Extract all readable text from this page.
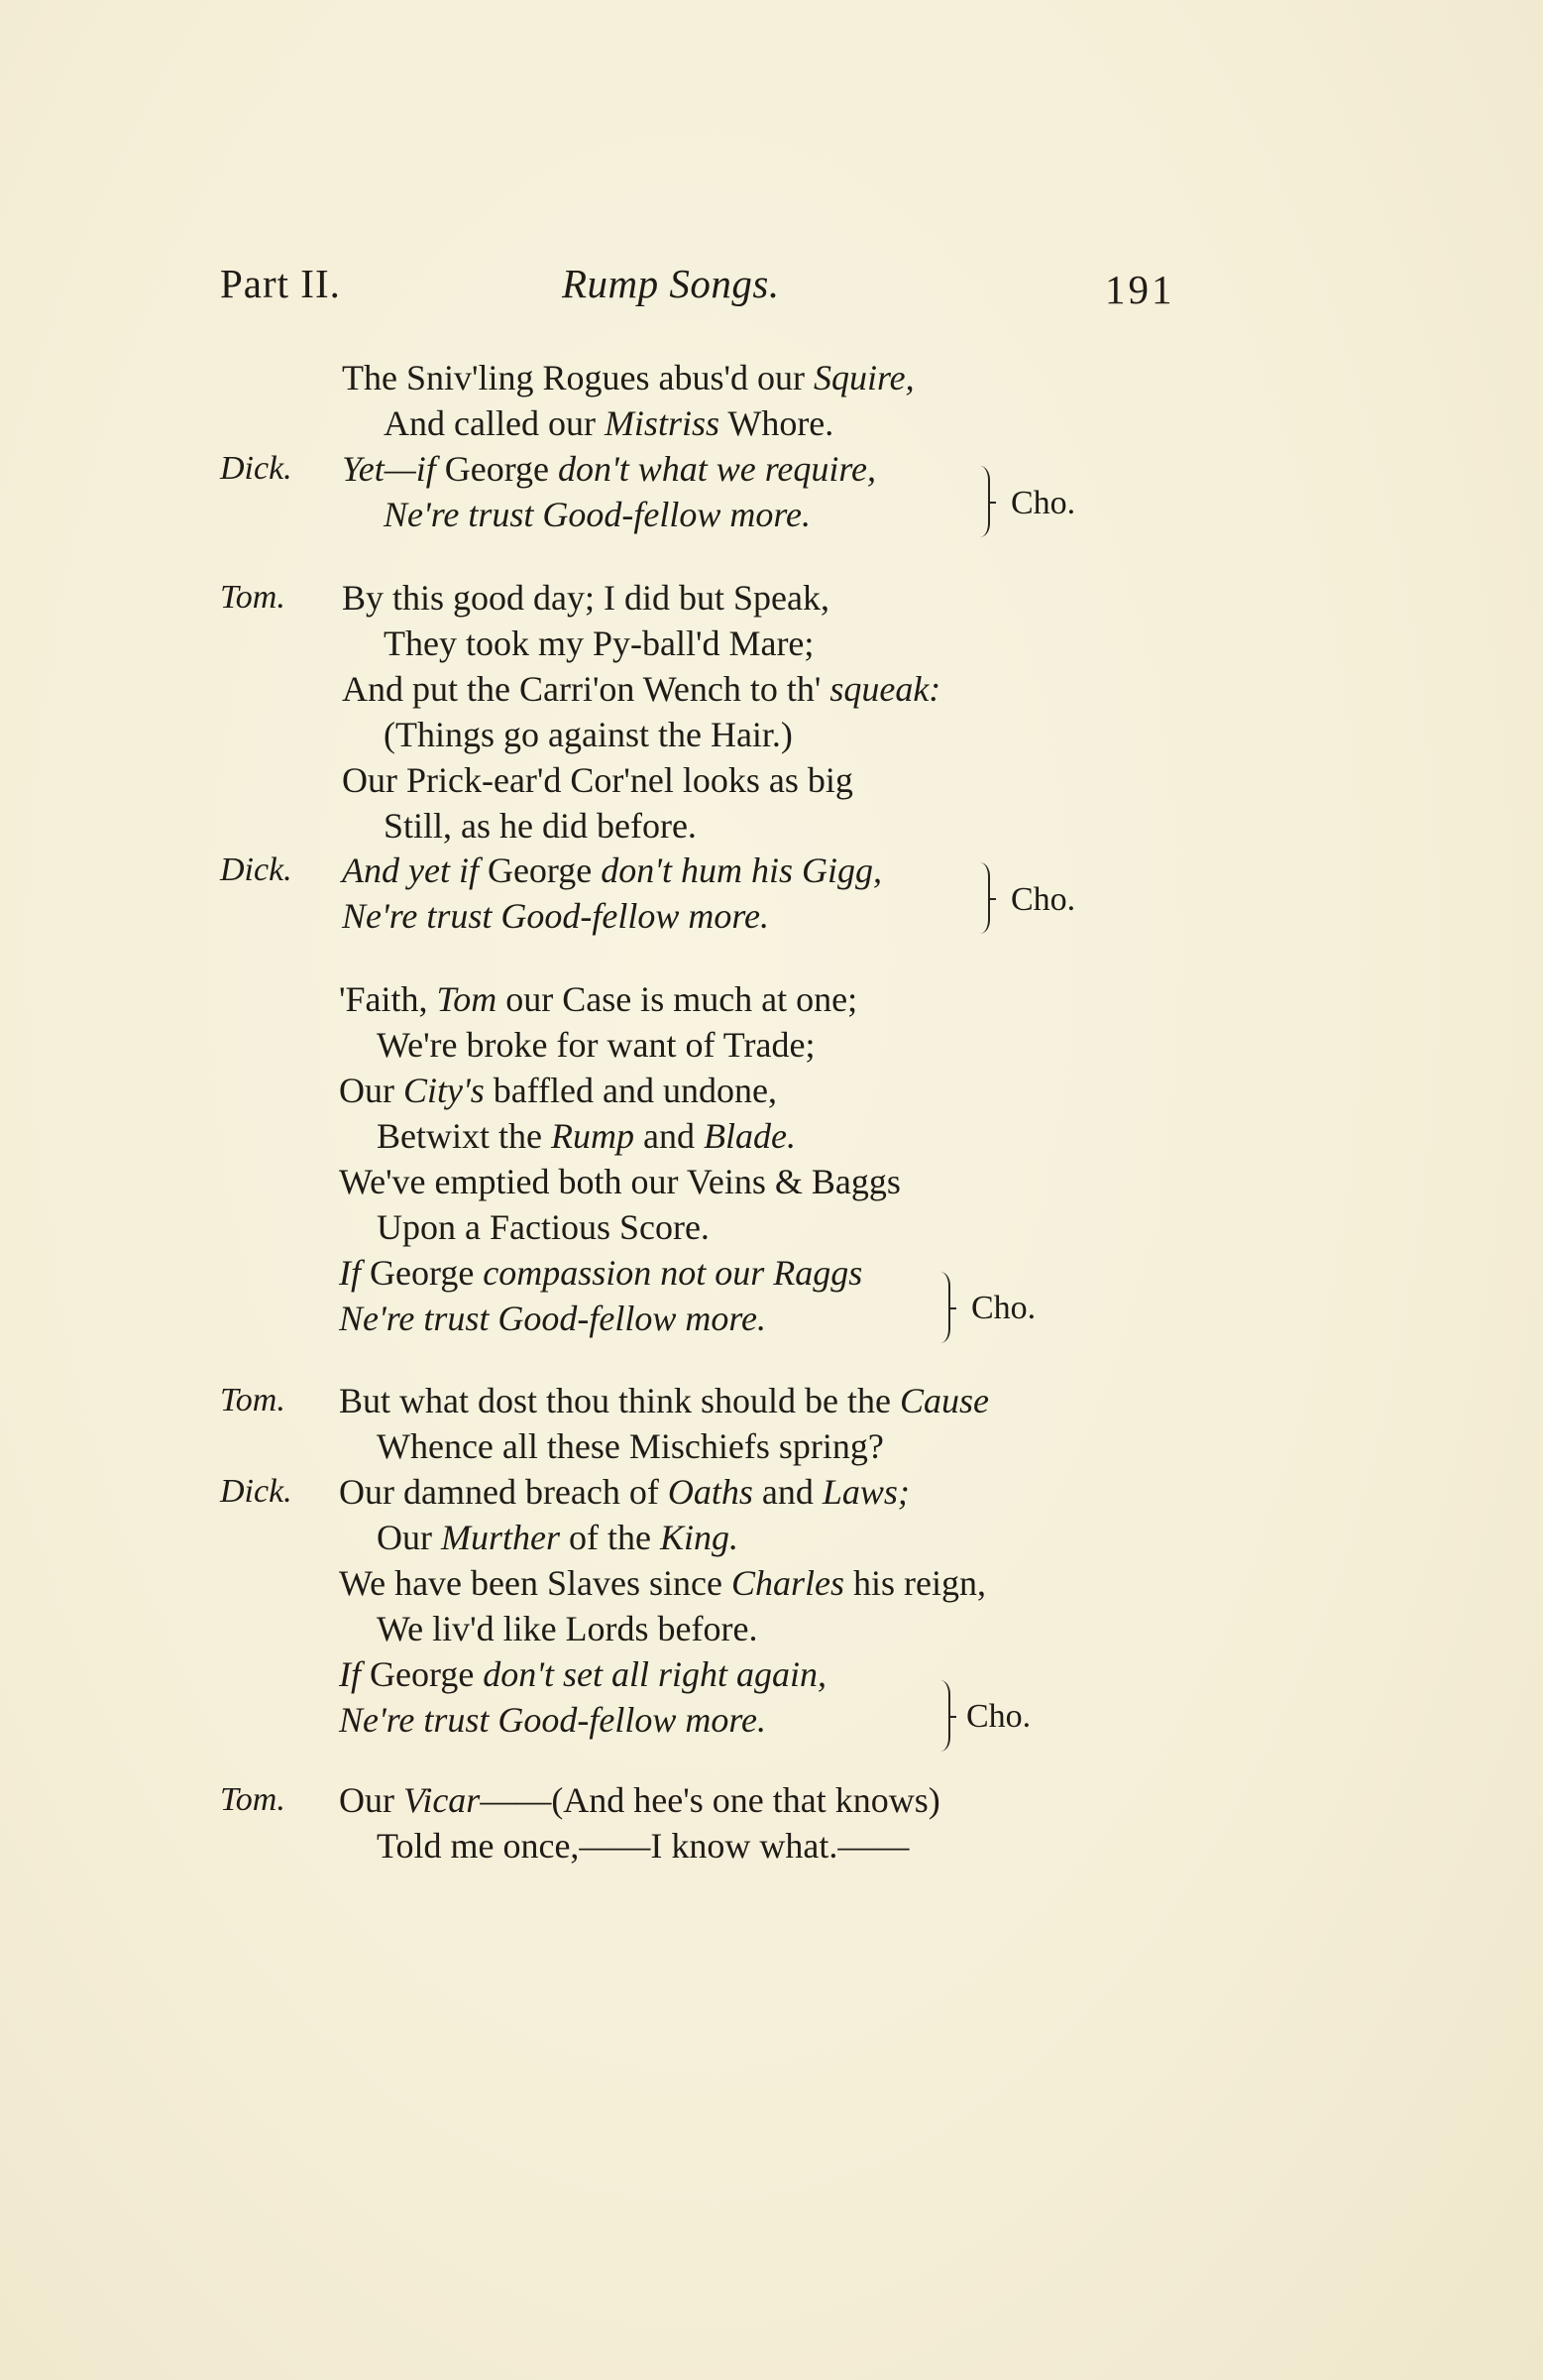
Part II.	Rump Songs.	191
The Sniv'ling Rogues abus'd our Squire,
And called our Mistriss Whore.
Yet—if George don't what we require,
Dick.
Ne're trust Good-fellow more.
By this good day; I did but Speak,
Tom.
They took my Py-ball'd Mare;
And put the Carri'on Wench to th' squeak:
(Things go against the Hair.)
Our Prick-ear'd Cor'nel looks as big
Still, as he did before.
And yet if George don't hum his Gigg,
Dick.
Ne're trust Good-fellow more.
'Faith, Tom our Case is much at one;
We're broke for want of Trade;
Our City's baffled and undone,
Betwixt the Rump and Blade.
We've emptied both our Veins & Baggs
Upon a Factious Score.
If George compassion not our Raggs
Ne're trust Good-fellow more.
But what dost thou think should be the Cause
Tom.
Whence all these Mischiefs spring?
Our damned breach of Oaths and Laws;
Dick.
Our Murther of the King.
We have been Slaves since Charles his reign,
We liv'd like Lords before.
If George don't set all right again,
Ne're trust Good-fellow more.
Our Vicar——(And hee's one that knows)
Tom.
Told me once,——I know what.——
Cho.
Cho.
Cho.
Cho.
